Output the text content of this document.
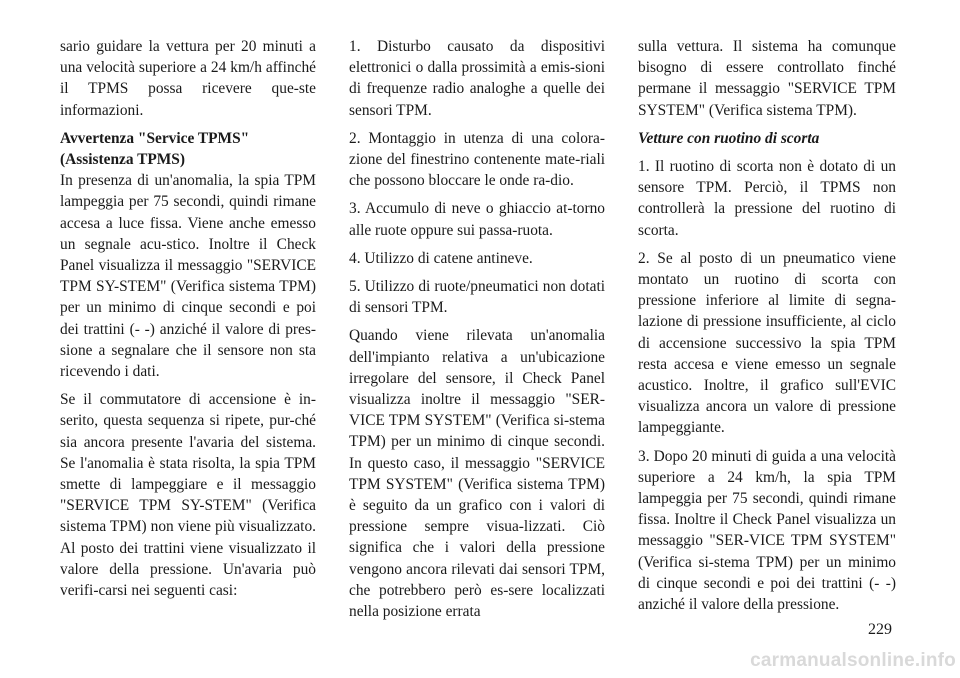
sario guidare la vettura per 20 minuti a una velocità superiore a 24 km/h affinché il TPMS possa ricevere que-ste informazioni.

Avvertenza "Service TPMS"

(Assistenza TPMS)

In presenza di un'anomalia, la spia TPM lampeggia per 75 secondi, quindi rimane accesa a luce fissa. Viene anche emesso un segnale acu-stico. Inoltre il Check Panel visualizza il messaggio "SERVICE TPM SY-STEM" (Verifica sistema TPM) per un minimo di cinque secondi e poi dei trattini (- -) anziché il valore di pres-sione a segnalare che il sensore non sta ricevendo i dati.

Se il commutatore di accensione è in-serito, questa sequenza si ripete, pur-ché sia ancora presente l'avaria del sistema. Se l'anomalia è stata risolta, la spia TPM smette di lampeggiare e il messaggio "SERVICE TPM SY-STEM" (Verifica sistema TPM) non viene più visualizzato. Al posto dei trattini viene visualizzato il valore della pressione. Un'avaria può verifi-carsi nei seguenti casi:

1. Disturbo causato da dispositivi elettronici o dalla prossimità a emis-sioni di frequenze radio analoghe a quelle dei sensori TPM.

2. Montaggio in utenza di una colora-zione del finestrino contenente mate-riali che possono bloccare le onde ra-dio.

3. Accumulo di neve o ghiaccio at-torno alle ruote oppure sui passa-ruota.

4. Utilizzo di catene antineve.

5. Utilizzo di ruote/pneumatici non dotati di sensori TPM.

Quando viene rilevata un'anomalia dell'impianto relativa a un'ubicazione irregolare del sensore, il Check Panel visualizza inoltre il messaggio "SER-VICE TPM SYSTEM" (Verifica si-stema TPM) per un minimo di cinque secondi. In questo caso, il messaggio "SERVICE TPM SYSTEM" (Verifica sistema TPM) è seguito da un grafico con i valori di pressione sempre visua-lizzati. Ciò significa che i valori della pressione vengono ancora rilevati dai sensori TPM, che potrebbero però es-sere localizzati nella posizione errata

sulla vettura. Il sistema ha comunque bisogno di essere controllato finché permane il messaggio "SERVICE TPM SYSTEM" (Verifica sistema TPM).

Vetture con ruotino di scorta

1. Il ruotino di scorta non è dotato di un sensore TPM. Perciò, il TPMS non controllerà la pressione del ruotino di scorta.

2. Se al posto di un pneumatico viene montato un ruotino di scorta con pressione inferiore al limite di segna-lazione di pressione insufficiente, al ciclo di accensione successivo la spia TPM resta accesa e viene emesso un segnale acustico. Inoltre, il grafico sull'EVIC visualizza ancora un valore di pressione lampeggiante.

3. Dopo 20 minuti di guida a una velocità superiore a 24 km/h, la spia TPM lampeggia per 75 secondi, quindi rimane fissa. Inoltre il Check Panel visualizza un messaggio "SER-VICE TPM SYSTEM" (Verifica si-stema TPM) per un minimo di cinque secondi e poi dei trattini (- -) anziché il valore della pressione.

229
carmanualsonline.info
